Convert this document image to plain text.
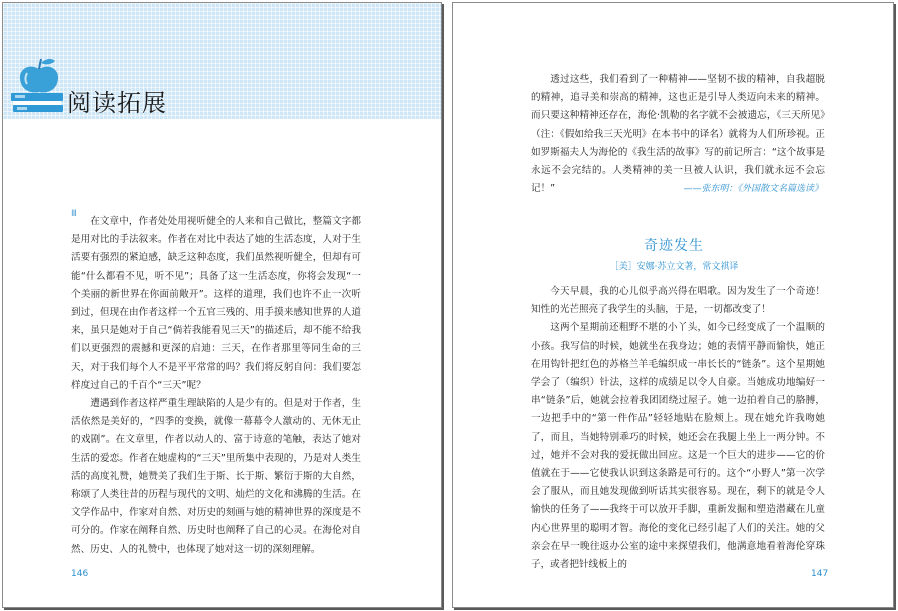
阅读拓展
III

在文章中，作者处处用视听健全的人来和自己做比，整篇文字都是用对比的手法叙来。作者在对比中表达了她的生活态度，人对于生活要有强烈的紧迫感，缺乏这种态度，我们虽然视听健全，但却有可能“什么都看不见，听不见”；具备了这一生活态度，你将会发现“一个美丽的新世界在你面前敞开”。这样的道理，我们也许不止一次听到过，但现在由作者这样一个五官三残的、用手摸来感知世界的人道来，虽只是她对于自己“倘若我能看见三天”的描述后，却不能不给我们以更强烈的震撼和更深的启迪：三天，在作者那里等同生命的三天，对于我们每个人不是平平常常的吗？我们将反躬自问：我们要怎样度过自己的千百个“三天”呢？

遭遇到作者这样严重生理缺陷的人是少有的。但是对于作者，生活依然是美好的，“四季的变换，就像一幕幕令人激动的、无休无止的戏剧”。在文章里，作者以动人的、富于诗意的笔触，表达了她对生活的爱恋。作者在她虚构的“三天”里所集中表现的，乃是对人类生活的高度礼赞，她赞美了我们生于斯、长于斯、繁衍于斯的大自然，称颂了人类往昔的历程与现代的文明、灿烂的文化和沸腾的生活。在文学作品中，作家对自然、对历史的刻画与她的精神世界的深度是不可分的。作家在阐释自然、历史时也阐释了自己的心灵。在海伦对自然、历史、人的礼赞中，也体现了她对这一切的深刻理解。

146

透过这些，我们看到了一种精神——坚韧不拔的精神，自我超脱的精神，追寻美和崇高的精神，这也正是引导人类迈向未来的精神。而只要这种精神还存在，海伦·凯勒的名字就不会被遗忘，《三天所见》（注：《假如给我三天光明》在本书中的译名）就将为人们所珍视。正如罗斯福夫人为海伦的《我生活的故事》写的前记所言：“这个故事是永远不会完结的。人类精神的美一旦被人认识，我们就永远不会忘记！”	——张东明：《外国散文名篇选读》
奇迹发生
［美］安娜·苏立文著，常文祺译

今天早晨，我的心儿似乎高兴得在唱歌。因为发生了一个奇迹！知性的光芒照亮了我学生的头脑，于是，一切都改变了！

这两个星期前还粗野不堪的小丫头，如今已经变成了一个温顺的小孩。我写信的时候，她就坐在我身边；她的表情平静而愉快，她正在用钩针把红色的苏格兰羊毛编织成一串长长的“链条”。这个星期她学会了（编织）针法，这样的成绩足以令人自豪。当她成功地编好一串“链条”后，她就会拉着我团团绕过屋子。她一边拍着自己的胳膊，一边把手中的“第一件作品”轻轻地贴在脸颊上。现在她允许我吻她了，而且，当她特别乖巧的时候，她还会在我腿上坐上一两分钟。不过，她并不会对我的爱抚做出回应。这是一个巨大的进步——它的价值就在于——它使我认识到这条路是可行的。这个“小野人”第一次学会了服从，而且她发现做到听话其实很容易。现在，剩下的就是令人愉快的任务了——我终于可以放开手脚，重新发掘和塑造潜藏在儿童内心世界里的聪明才智。海伦的变化已经引起了人们的关注。她的父亲会在早一晚往返办公室的途中来探望我们，他满意地看着海伦穿珠子，或者把针线板上的

147
